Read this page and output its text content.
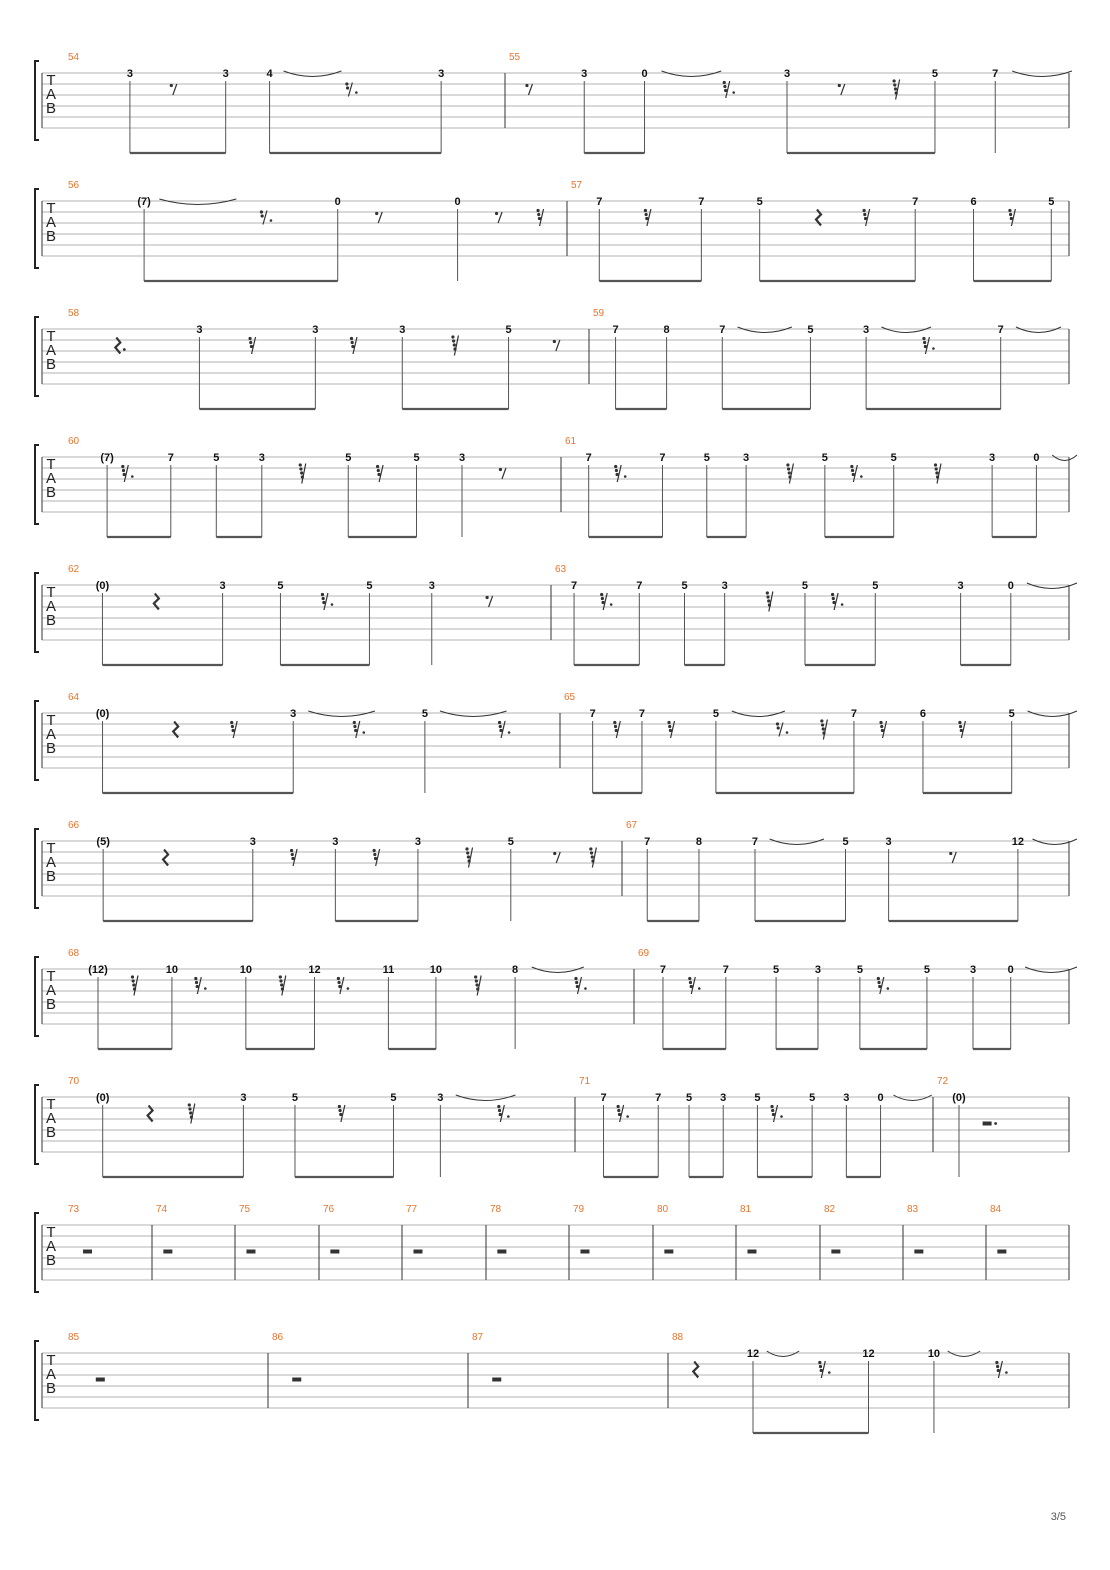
T
A
B
54
3	3	4	3
55
3	0	3	5	7
T
A
B
56
(7)	0	0
57
7	7	5	7	6	5
T
A
B
58
3	3	3	5
59
7	8	7	5	3	7
T
A
B
60
(7)	7	5	3	5	5	3
61
7	7	5	3	5	5	3	0
T
A
B
62
(0)	3	5	5	3
63
7	7	5	3	5	5	3	0
T
A
B
64
(0)	3	5
65
7	7	5	7	6	5
T
A
B
66
(5)	3	3	3	5
67
7	8	7	5	3	12
T
A
B
68
(12)	10	10	12	11	10	8
69
7	7	5	3	5	5	3	0
T
A
B
70
(0)	3	5	5	3
71
7	7 5	3	5	5	3	0
72
(0)
T
A
B
73	74	75	76	77	78	79	80	81	82	83	84
T
A
B
85	86	87	88
12	12	10
3/5
